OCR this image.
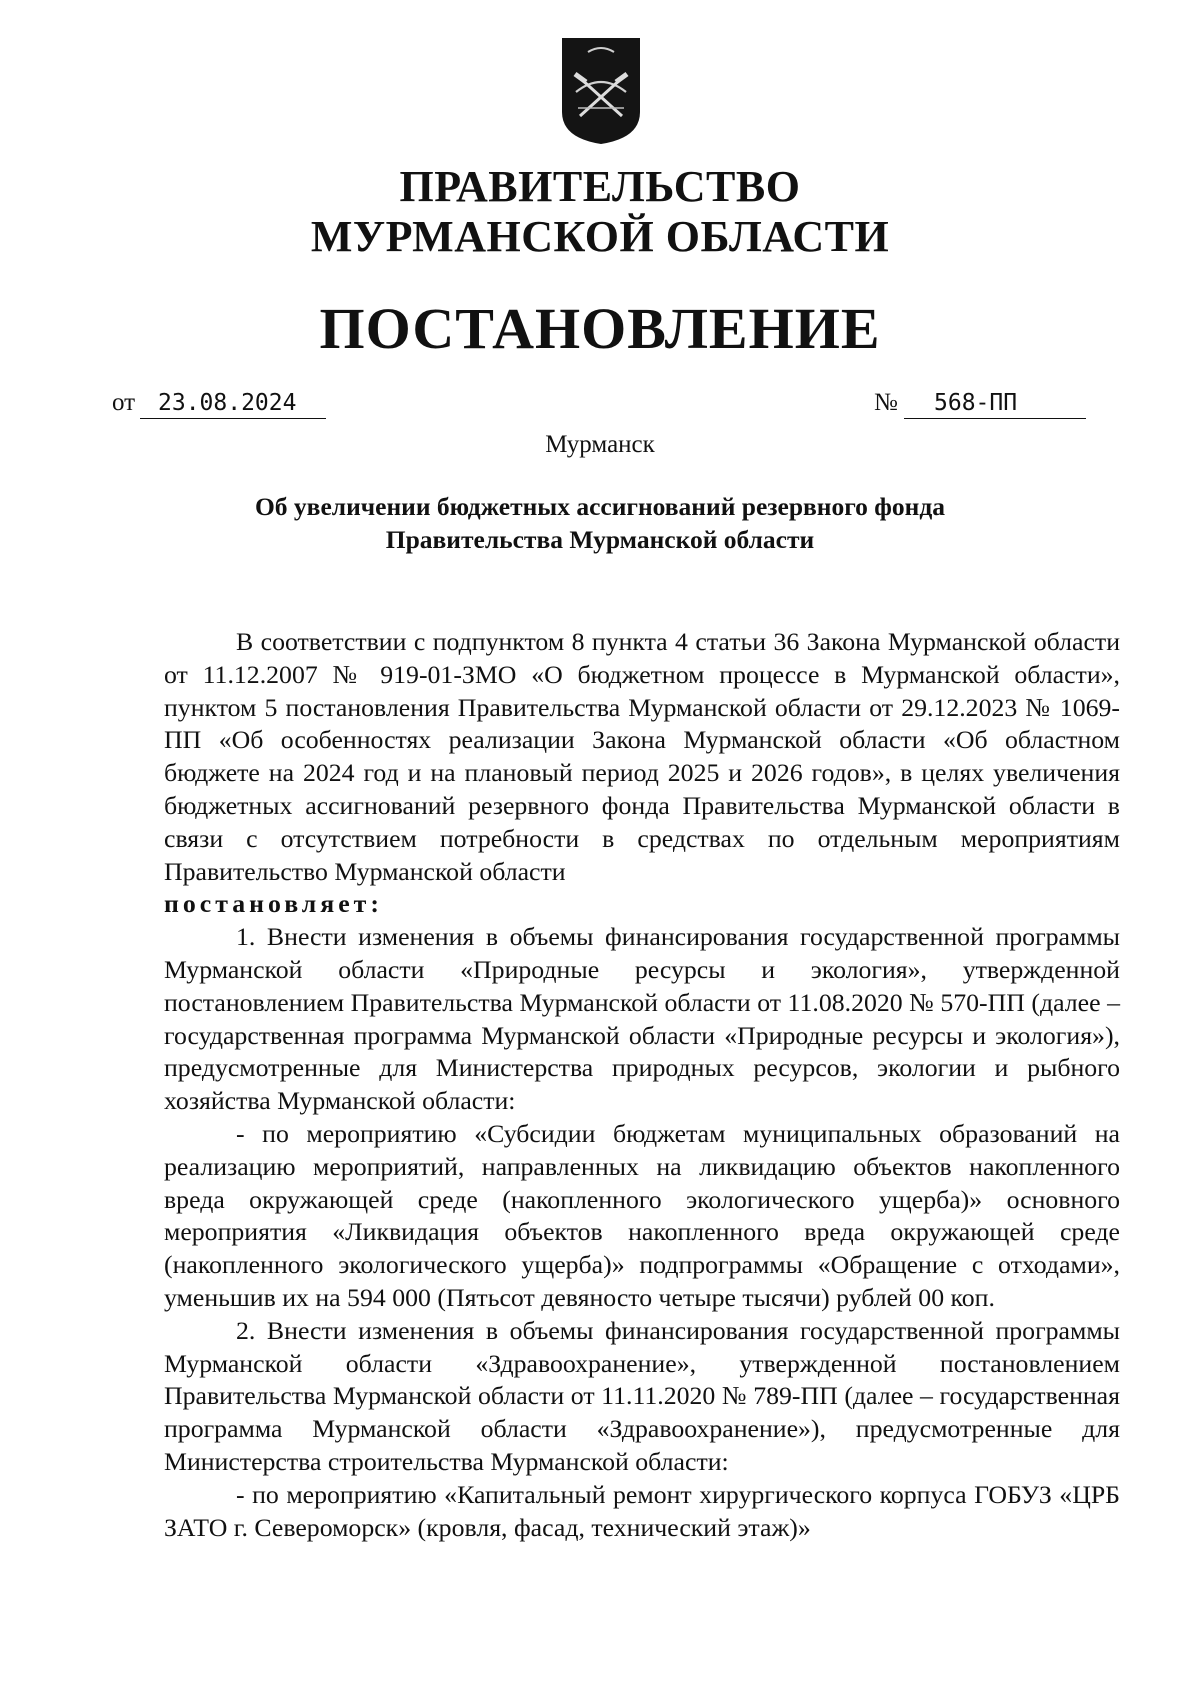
ПРАВИТЕЛЬСТВО
МУРМАНСКОЙ ОБЛАСТИ
ПОСТАНОВЛЕНИЕ
от 23.08.2024	№	568-ПП
Мурманск
Об увеличении бюджетных ассигнований резервного фонда
Правительства Мурманской области

В соответствии с подпунктом 8 пункта 4 статьи 36 Закона Мурманской области от 11.12.2007 № 919-01-ЗМО «О бюджетном процессе в Мурманской области», пунктом 5 постановления Правительства Мурманской области от 29.12.2023 № 1069-ПП «Об особенностях реализации Закона Мурманской области «Об областном бюджете на 2024 год и на плановый период 2025 и 2026 годов», в целях увеличения бюджетных ассигнований резервного фонда Правительства Мурманской области в связи с отсутствием потребности в средствах по отдельным мероприятиям Правительство Мурманской области

постановляет:

1. Внести изменения в объемы финансирования государственной программы Мурманской области «Природные ресурсы и экология», утвержденной постановлением Правительства Мурманской области от 11.08.2020 № 570-ПП (далее – государственная программа Мурманской области «Природные ресурсы и экология»), предусмотренные для Министерства природных ресурсов, экологии и рыбного хозяйства Мурманской области:

- по мероприятию «Субсидии бюджетам муниципальных образований на реализацию мероприятий, направленных на ликвидацию объектов накопленного вреда окружающей среде (накопленного экологического ущерба)» основного мероприятия «Ликвидация объектов накопленного вреда окружающей среде (накопленного экологического ущерба)» подпрограммы «Обращение с отходами», уменьшив их на 594 000 (Пятьсот девяносто четыре тысячи) рублей 00 коп.

2. Внести изменения в объемы финансирования государственной программы Мурманской области «Здравоохранение», утвержденной постановлением Правительства Мурманской области от 11.11.2020 № 789-ПП (далее – государственная программа Мурманской области «Здравоохранение»), предусмотренные для Министерства строительства Мурманской области:

- по мероприятию «Капитальный ремонт хирургического корпуса ГОБУЗ «ЦРБ ЗАТО г. Североморск» (кровля, фасад, технический этаж)»
